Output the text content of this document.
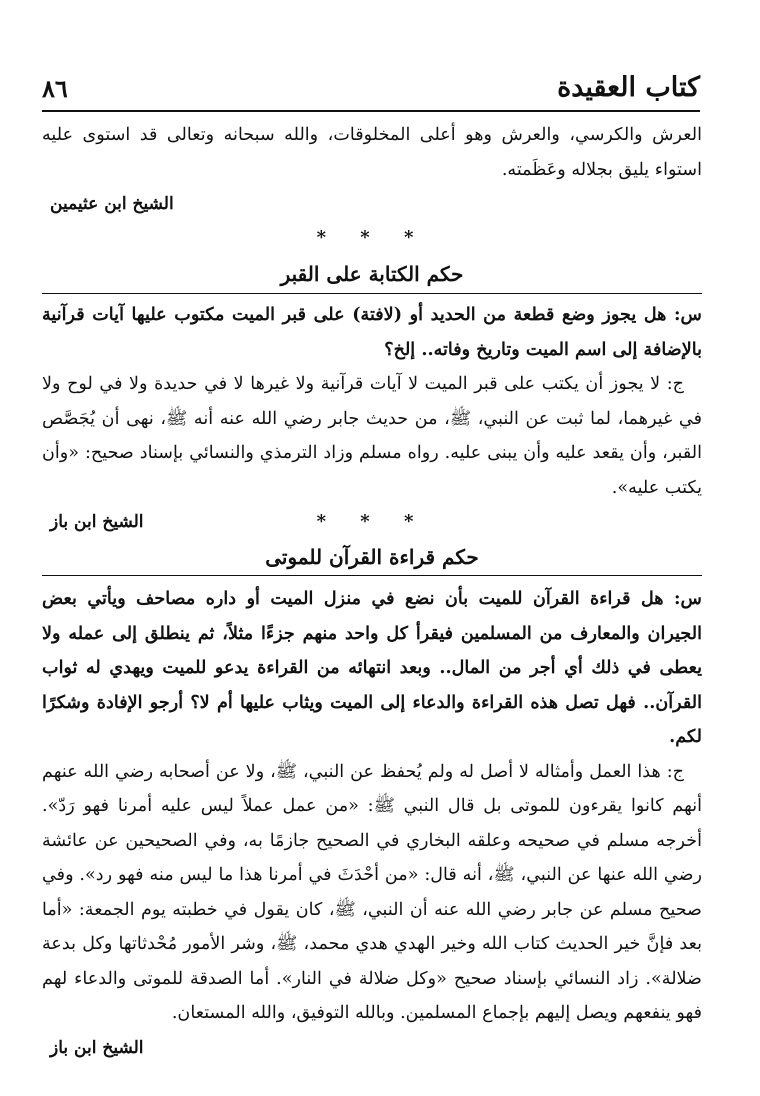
كتاب العقيدة
٨٦

العرش والكرسي، والعرش وهو أعلى المخلوقات، والله سبحانه وتعالى قد استوى عليه استواء يليق بجلاله وعَظَمته.

الشيخ ابن عثيمين
* * *
حكم الكتابة على القبر

س: هل يجوز وضع قطعة من الحديد أو (لافتة) على قبر الميت مكتوب عليها آيات قرآنية بالإضافة إلى اسم الميت وتاريخ وفاته.. إلخ؟

ج: لا يجوز أن يكتب على قبر الميت لا آيات قرآنية ولا غيرها لا في حديدة ولا في لوح ولا في غيرهما، لما ثبت عن النبي، ﷺ، من حديث جابر رضي الله عنه أنه ﷺ، نهى أن يُجَصَّص القبر، وأن يقعد عليه وأن يبنى عليه. رواه مسلم وزاد الترمذي والنسائي بإسناد صحيح: «وأن يكتب عليه».

* * *
الشيخ ابن باز
حكم قراءة القرآن للموتى

س: هل قراءة القرآن للميت بأن نضع في منزل الميت أو داره مصاحف ويأتي بعض الجيران والمعارف من المسلمين فيقرأ كل واحد منهم جزءًا مثلاً، ثم ينطلق إلى عمله ولا يعطى في ذلك أي أجر من المال.. وبعد انتهائه من القراءة يدعو للميت ويهدي له ثواب القرآن.. فهل تصل هذه القراءة والدعاء إلى الميت ويثاب عليها أم لا؟ أرجو الإفادة وشكرًا لكم.

ج: هذا العمل وأمثاله لا أصل له ولم يُحفظ عن النبي، ﷺ، ولا عن أصحابه رضي الله عنهم أنهم كانوا يقرءون للموتى بل قال النبي ﷺ: «من عمل عملاً ليس عليه أمرنا فهو رَدّ». أخرجه مسلم في صحيحه وعلقه البخاري في الصحيح جازمًا به، وفي الصحيحين عن عائشة رضي الله عنها عن النبي، ﷺ، أنه قال: «من أحْدَثَ في أمرنا هذا ما ليس منه فهو رد». وفي صحيح مسلم عن جابر رضي الله عنه أن النبي، ﷺ، كان يقول في خطبته يوم الجمعة: «أما بعد فإنَّ خير الحديث كتاب الله وخير الهدي هدي محمد، ﷺ، وشر الأمور مُحْدثاتها وكل بدعة ضلالة». زاد النسائي بإسناد صحيح «وكل ضلالة في النار». أما الصدقة للموتى والدعاء لهم فهو ينفعهم ويصل إليهم بإجماع المسلمين. وبالله التوفيق، والله المستعان.

الشيخ ابن باز
